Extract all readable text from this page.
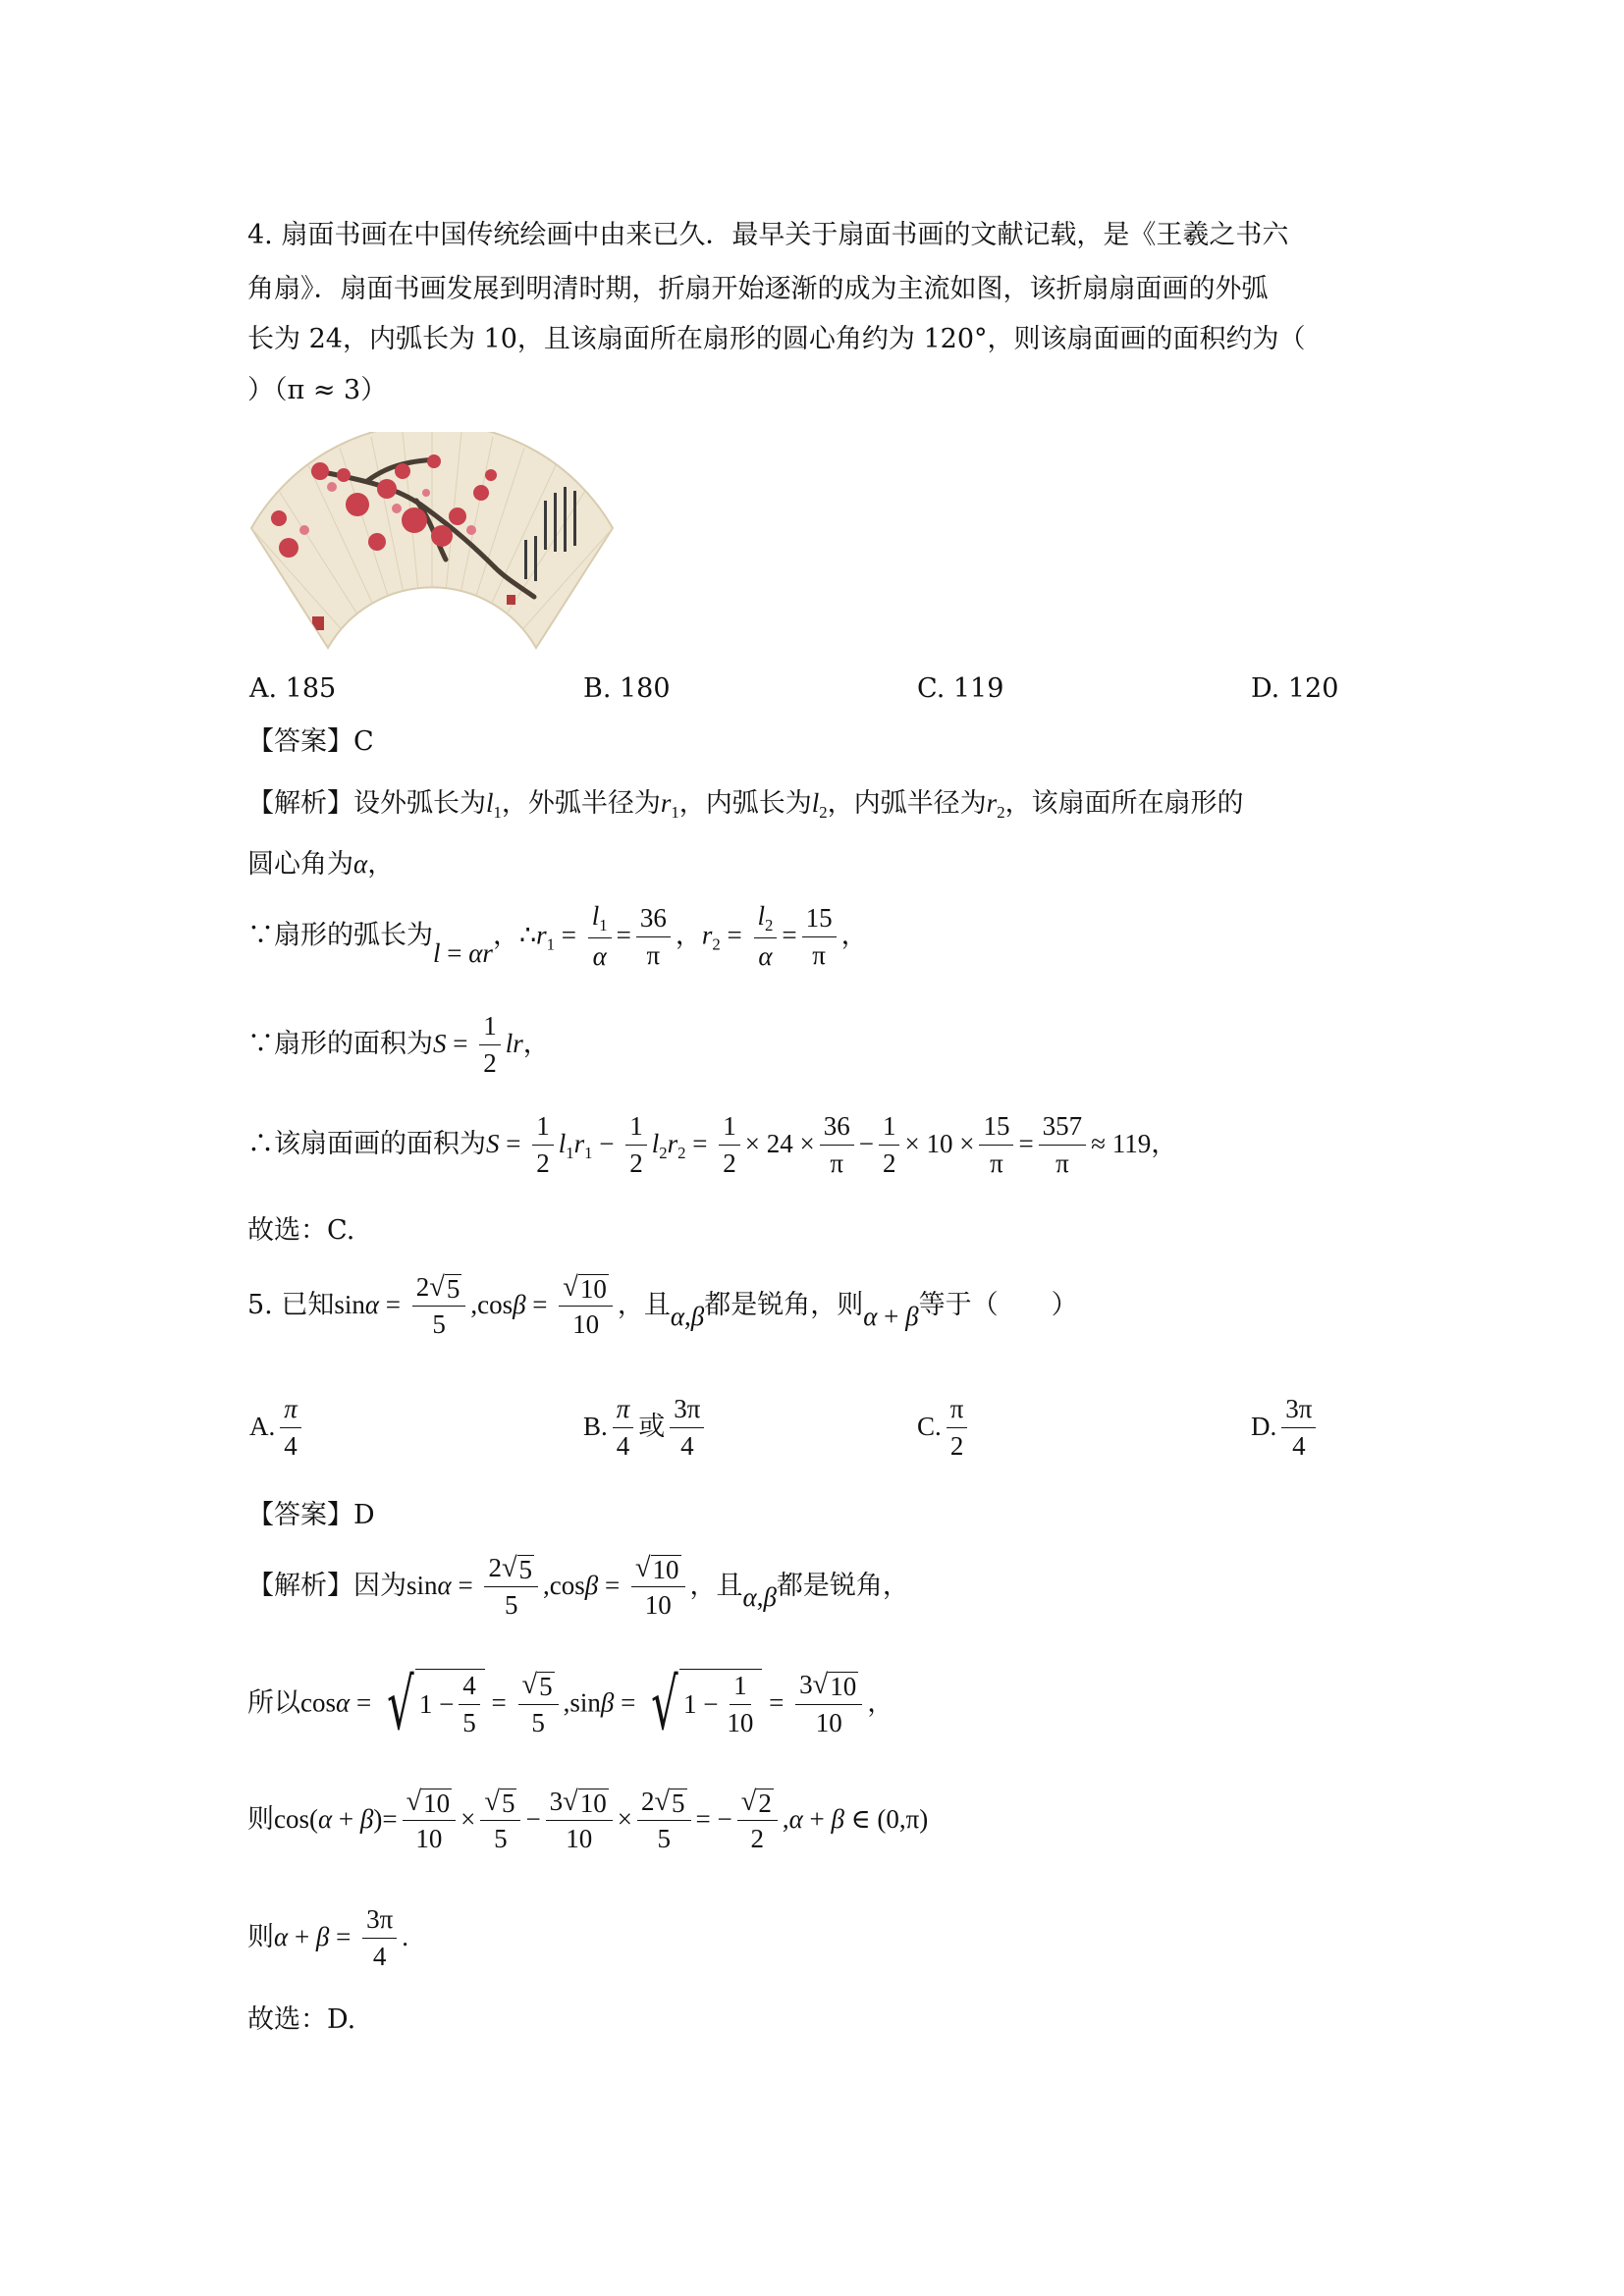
4. 扇面书画在中国传统绘画中由来已久．最早关于扇面书画的文献记载，是《王羲之书六
角扇》．扇面书画发展到明清时期，折扇开始逐渐的成为主流如图，该折扇扇面画的外弧
长为 24，内弧长为 10，且该扇面所在扇形的圆心角约为 120°，则该扇面画的面积约为（
）（π ≈ 3）
A. 185	B. 180	C. 119	D. 120
【答案】C
【解析】设外弧长为$l_1$，外弧半径为$r_1$，内弧长为$l_2$，内弧半径为$r_2$，该扇面所在扇形的
圆心角为α，
∵扇形的弧长为l = αr，$\therefore r_1 = \frac{l_1}{\alpha} = \frac{36}{\pi}$ ，$r_2 = \frac{l_2}{\alpha} = \frac{15}{\pi}$ ，
∵扇形的面积为$S = \frac{1}{2}$ lr，
∴该扇面画的面积为$S = \frac{1}{2} l_1r_1 - \frac{1}{2} l_2r_2 = \frac{1}{2} \times 24 \times \frac{36}{\pi} - \frac{1}{2} \times 10 \times \frac{15}{\pi} = \frac{357}{\pi} \approx 119$，
故选：C.
5. 已知$\sin\alpha = \frac{2 √ 5}{5} ,\cos\beta = \frac{√ 10}{10}$ ，且α,β都是锐角，则α + β等于（　　）
A. $\frac{\pi}{4}$	B. $\frac{\pi}{4}$ 或 $\frac{3\pi}{4}$	C. $\frac{\pi}{2}$	D. $\frac{3\pi}{4}$
【答案】D
【解析】因为$\sin\alpha = \frac{2 √ 5}{5} ,\cos\beta = \frac{√ 10}{10}$ ，且α,β都是锐角，
所以cosα = √ $1 - \frac{4}{5} = \frac{√ 5}{5} ,\sin\beta$ = √ $1 - \frac{1}{10} = \frac{3 √ 10}{10}$ ，
则$\cos(\alpha + \beta)= \frac{√ 10}{10} \times \frac{√ 5}{5} - \frac{3 √ 10}{10} \times \frac{2 √ 5}{5}$ = − $\frac{√ 2}{2} ,\alpha + \beta$ ∈ (0,π)
则$\alpha + \beta = \frac{3\pi}{4}$ .
故选：D.
